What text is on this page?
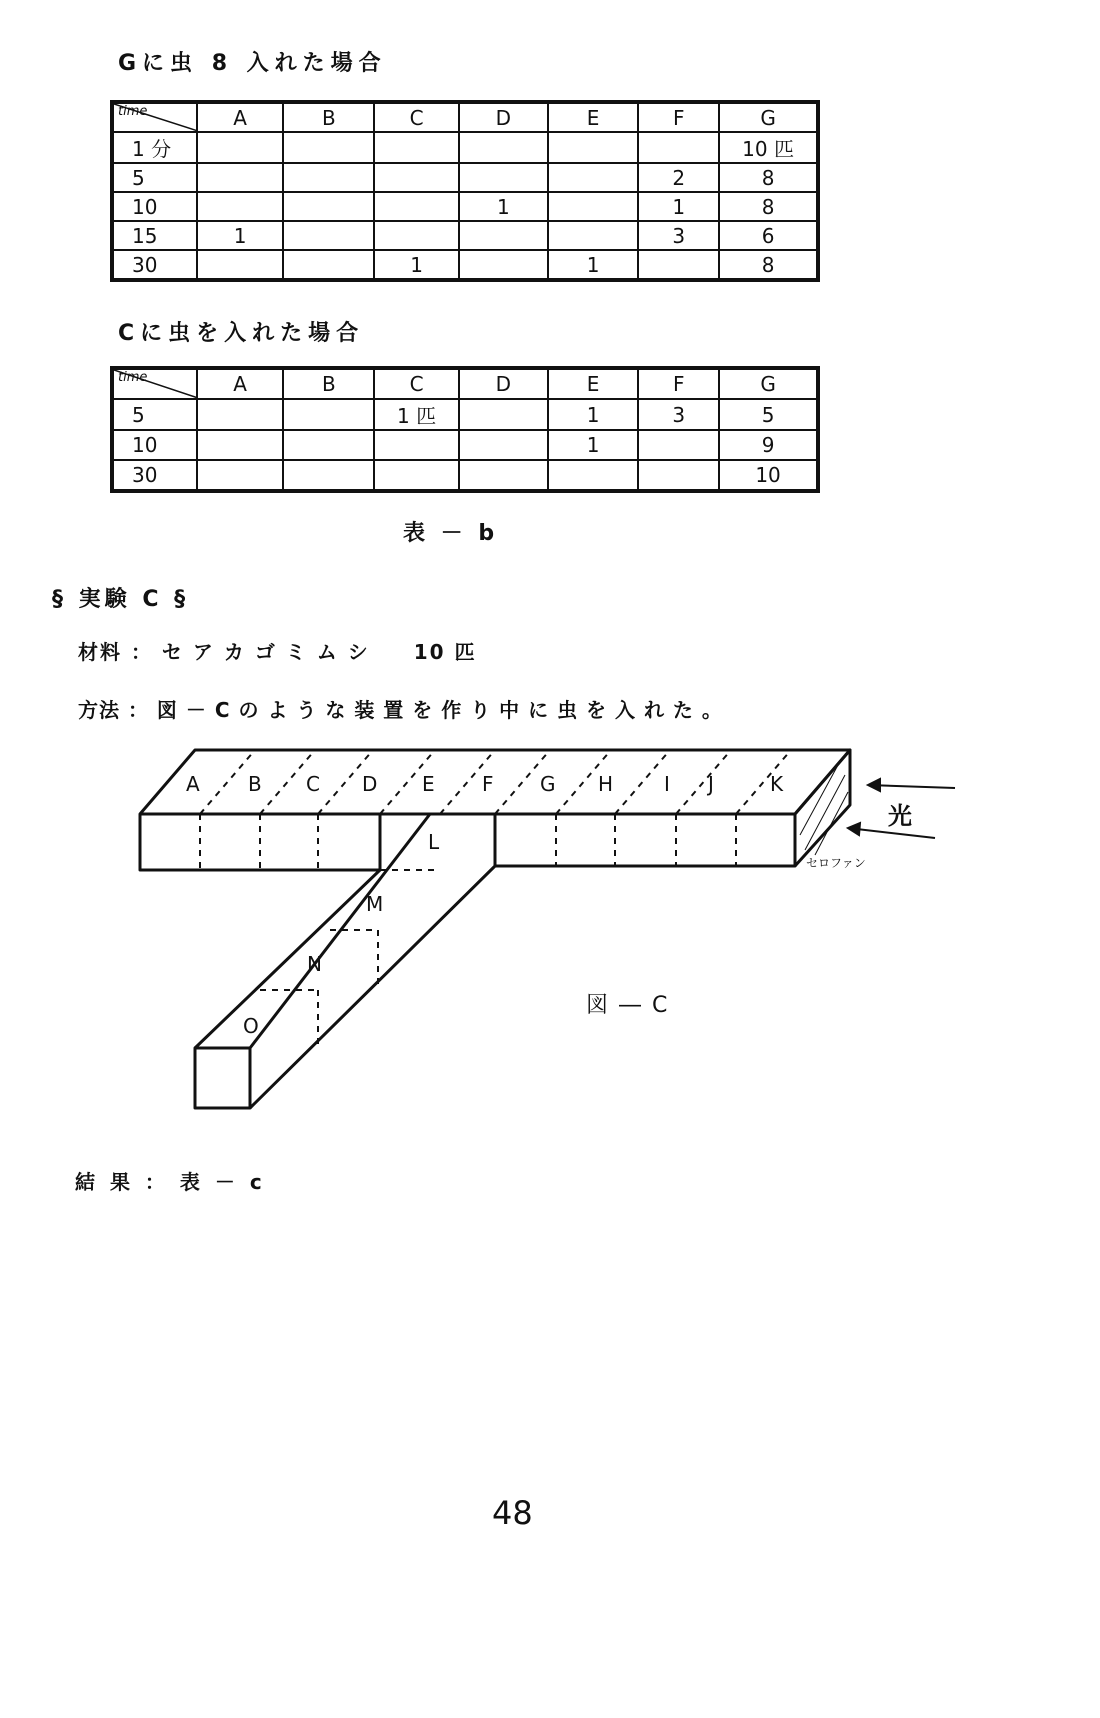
Gに虫 8 入れた場合
time	A	B	C	D	E	F	G
1 分							10 匹
5						2	8
10				1		1	8
15	1					3	6
30			1		1		8
Cに虫を入れた場合
time	A	B	C	D	E	F	G
5			1 匹		1	3	5
10					1		9
30							10
表 － b
§ 実験 C §
材料 ： セ ア カ ゴ ミ ム シ　　10 匹
方法 ： 図 － C の よ う な 装 置 を 作 り 中 に 虫 を 入 れ た 。
A B C D E F G H	I J	K
L
M
N
O
光
セロファン
図 ― C
結 果 ： 表 － c
48
